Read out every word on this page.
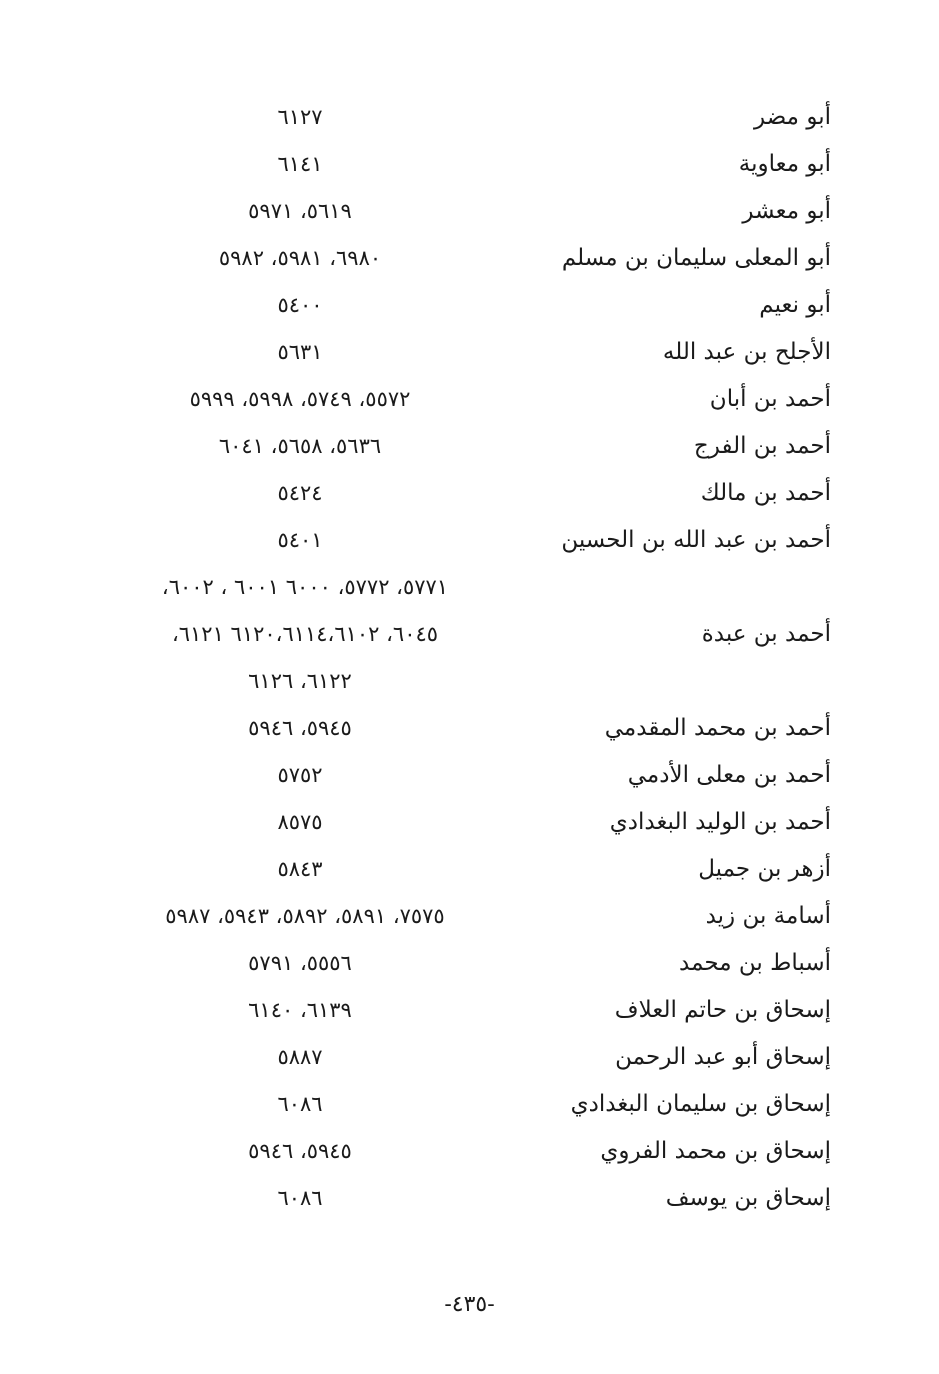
أبو مضر
٦١٢٧
أبو معاوية
٦١٤١
أبو معشر
٥٦١٩، ٥٩٧١
أبو المعلى سليمان بن مسلم
٦٩٨٠، ٥٩٨١، ٥٩٨٢
أبو نعيم
٥٤٠٠
الأجلح بن عبد الله
٥٦٣١
أحمد بن أبان
٥٥٧٢، ٥٧٤٩، ٥٩٩٨، ٥٩٩٩
أحمد بن الفرج
٥٦٣٦، ٥٦٥٨، ٦٠٤١
أحمد بن مالك
٥٤٢٤
أحمد بن عبد الله بن الحسين
٥٤٠١
٥٧٧١، ٥٧٧٢، ٦٠٠٠ ٦٠٠١ ، ٦٠٠٢،
أحمد بن عبدة
٦٠٤٥، ٦١٢٠،٦١١٤،٦١٠٢ ٦١٢١،
٦١٢٢، ٦١٢٦
أحمد بن محمد المقدمي
٥٩٤٥، ٥٩٤٦
أحمد بن معلى الأدمي
٥٧٥٢
أحمد بن الوليد البغدادي
٨٥٧٥
أزهر بن جميل
٥٨٤٣
أسامة بن زيد
٧٥٧٥، ٥٨٩١، ٥٨٩٢، ٥٩٤٣، ٥٩٨٧
أسباط بن محمد
٥٥٥٦، ٥٧٩١
إسحاق بن حاتم العلاف
٦١٣٩، ٦١٤٠
إسحاق أبو عبد الرحمن
٥٨٨٧
إسحاق بن سليمان البغدادي
٦٠٨٦
إسحاق بن محمد الفروي
٥٩٤٥، ٥٩٤٦
إسحاق بن يوسف
٦٠٨٦
-٤٣٥-
